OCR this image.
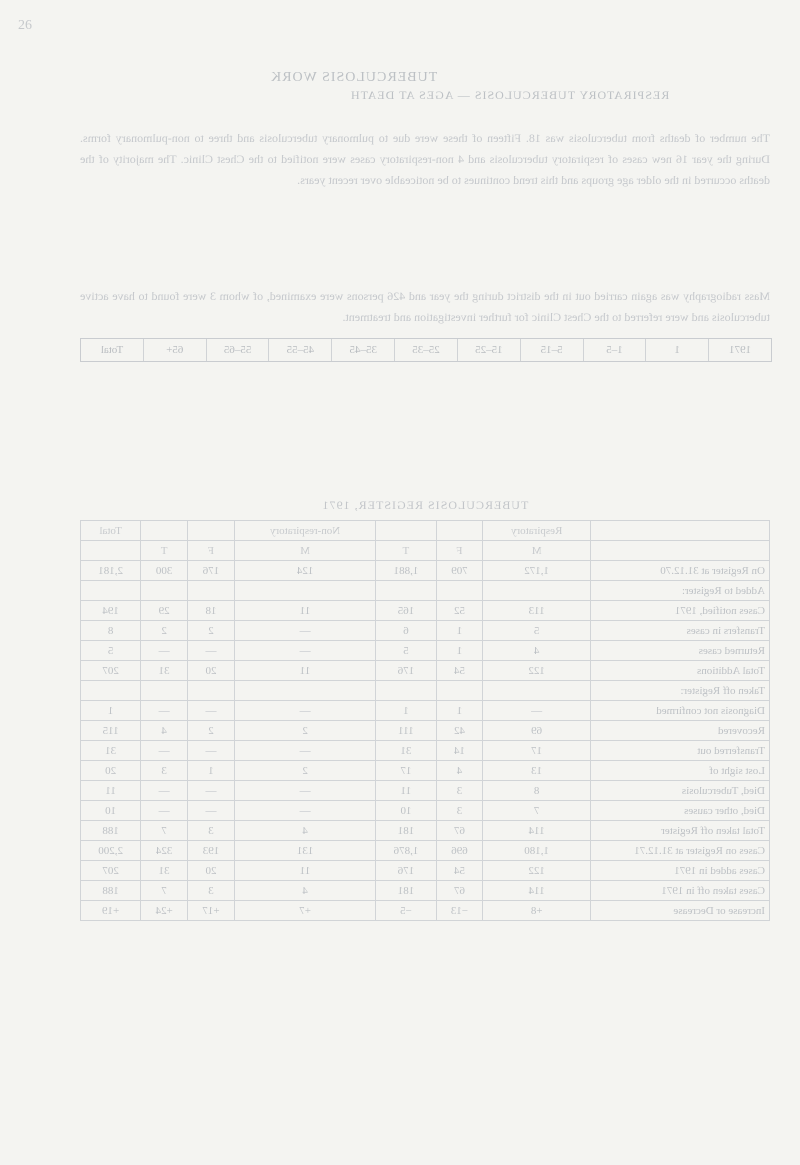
26
TUBERCULOSIS WORK
RESPIRATORY TUBERCULOSIS — AGES AT DEATH
The number of deaths from tuberculosis was 18. Fifteen of these were due to pulmonary tuberculosis and three to non-pulmonary forms. During the year 16 new cases of respiratory tuberculosis and 4 non-respiratory cases were notified to the Chest Clinic. The majority of the deaths occurred in the older age groups and this trend continues to be noticeable over recent years.
Mass radiography was again carried out in the district during the year and 426 persons were examined, of whom 3 were found to have active tuberculosis and were referred to the Chest Clinic for further investigation and treatment.
1971
1
1–5
5–15
15–25
25–35
35–45
45–55
55–65
65+
Total
TUBERCULOSIS REGISTER, 1971
	Respiratory			Non-respiratory			Total
	M	F	T	M	F	T	
On Register at 31.12.70	1,172	709	1,881	124	176	300	2,181
Added to Register:							
Cases notified, 1971	113	52	165	11	18	29	194
Transfers in cases	5	1	6	—	2	2	8
Returned cases	4	1	5	—	—	—	5
Total Additions	122	54	176	11	20	31	207
Taken off Register:							
Diagnosis not confirmed	—	1	1	—	—	—	1
Recovered	69	42	111	2	2	4	115
Transferred out	17	14	31	—	—	—	31
Lost sight of	13	4	17	2	1	3	20
Died, Tuberculosis	8	3	11	—	—	—	11
Died, other causes	7	3	10	—	—	—	10
Total taken off Register	114	67	181	4	3	7	188
Cases on Register at 31.12.71	1,180	696	1,876	131	193	324	2,200
Cases added in 1971	122	54	176	11	20	31	207
Cases taken off in 1971	114	67	181	4	3	7	188
Increase or Decrease	+8	−13	−5	+7	+17	+24	+19
